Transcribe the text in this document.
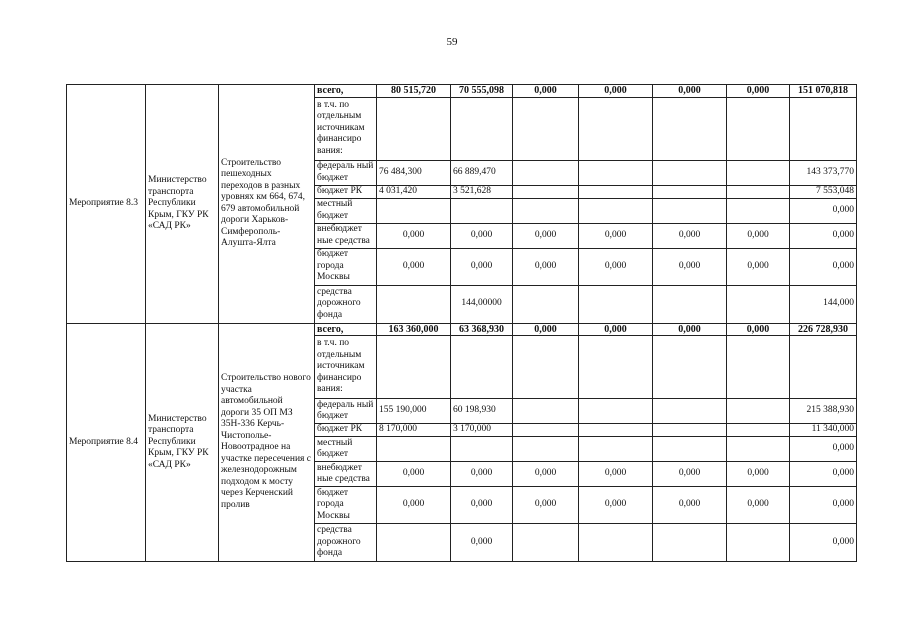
59
Мероприятие 8.3	Министерство транспорта Республики Крым, ГКУ РК «САД РК»	Строительство пешеходных переходов в разных уровнях км 664, 674, 679 автомобильной дороги Харьков-Симферополь-Алушта-Ялта	всего,	80 515,720	70 555,098	0,000	0,000	0,000	0,000	151 070,818
			в т.ч. по отдельным источникам финансиро вания:							
			федераль ный бюджет	76 484,300	66 889,470					143 373,770
			бюджет РК	4 031,420	3 521,628					7 553,048
			местный бюджет							0,000
			внебюджет ные средства	0,000	0,000	0,000	0,000	0,000	0,000	0,000
			бюджет города Москвы	0,000	0,000	0,000	0,000	0,000	0,000	0,000
			средства дорожного фонда		144,00000					144,000
Мероприятие 8.4	Министерство транспорта Республики Крым, ГКУ РК «САД РК»	Строительство нового участка автомобильной дороги 35 ОП МЗ 35Н-336 Керчь-Чистополье-Новоотрадное на участке пересечения с железнодорожным подходом к мосту через Керченский пролив	всего,	163 360,000	63 368,930	0,000	0,000	0,000	0,000	226 728,930
			в т.ч. по отдельным источникам финансиро вания:							
			федераль ный бюджет	155 190,000	60 198,930					215 388,930
			бюджет РК	8 170,000	3 170,000					11 340,000
			местный бюджет							0,000
			внебюджет ные средства	0,000	0,000	0,000	0,000	0,000	0,000	0,000
			бюджет города Москвы	0,000	0,000	0,000	0,000	0,000	0,000	0,000
			средства дорожного фонда		0,000					0,000
